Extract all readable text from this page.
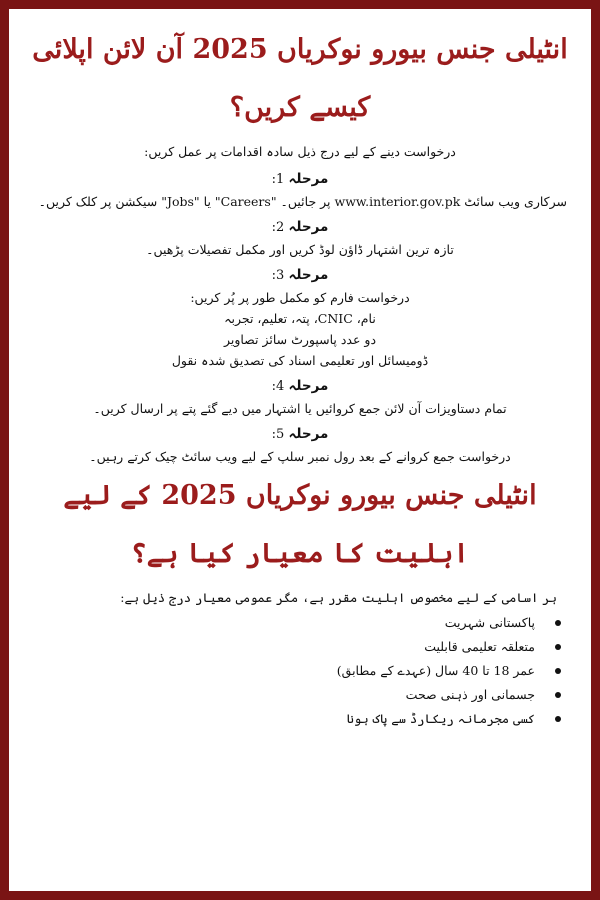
انٹیلی جنس بیورو نوکریاں 2025 آن لائن اپلائی کیسے کریں؟

درخواست دینے کے لیے درج ذیل سادہ اقدامات پر عمل کریں:

مرحلہ 1:
سرکاری ویب سائٹ www.interior.gov.pk پر جائیں۔ "Careers" یا "Jobs" سیکشن پر کلک کریں۔
مرحلہ 2:
تازہ ترین اشتہار ڈاؤن لوڈ کریں اور مکمل تفصیلات پڑھیں۔
مرحلہ 3:
درخواست فارم کو مکمل طور پر پُر کریں:
نام، CNIC، پتہ، تعلیم، تجربہ
دو عدد پاسپورٹ سائز تصاویر
ڈومیسائل اور تعلیمی اسناد کی تصدیق شدہ نقول
مرحلہ 4:
تمام دستاویزات آن لائن جمع کروائیں یا اشتہار میں دیے گئے پتے پر ارسال کریں۔
مرحلہ 5:
درخواست جمع کروانے کے بعد رول نمبر سلپ کے لیے ویب سائٹ چیک کرتے رہیں۔
انٹیلی جنس بیورو نوکریاں 2025 کے لیے اہلیت کا معیار کیا ہے؟

ہر اسامی کے لیے مخصوص اہلیت مقرر ہے، مگر عمومی معیار درج ذیل ہے:

پاکستانی شہریت
متعلقہ تعلیمی قابلیت
عمر 18 تا 40 سال (عہدے کے مطابق)
جسمانی اور ذہنی صحت
کسی مجرمانہ ریکارڈ سے پاک ہونا
